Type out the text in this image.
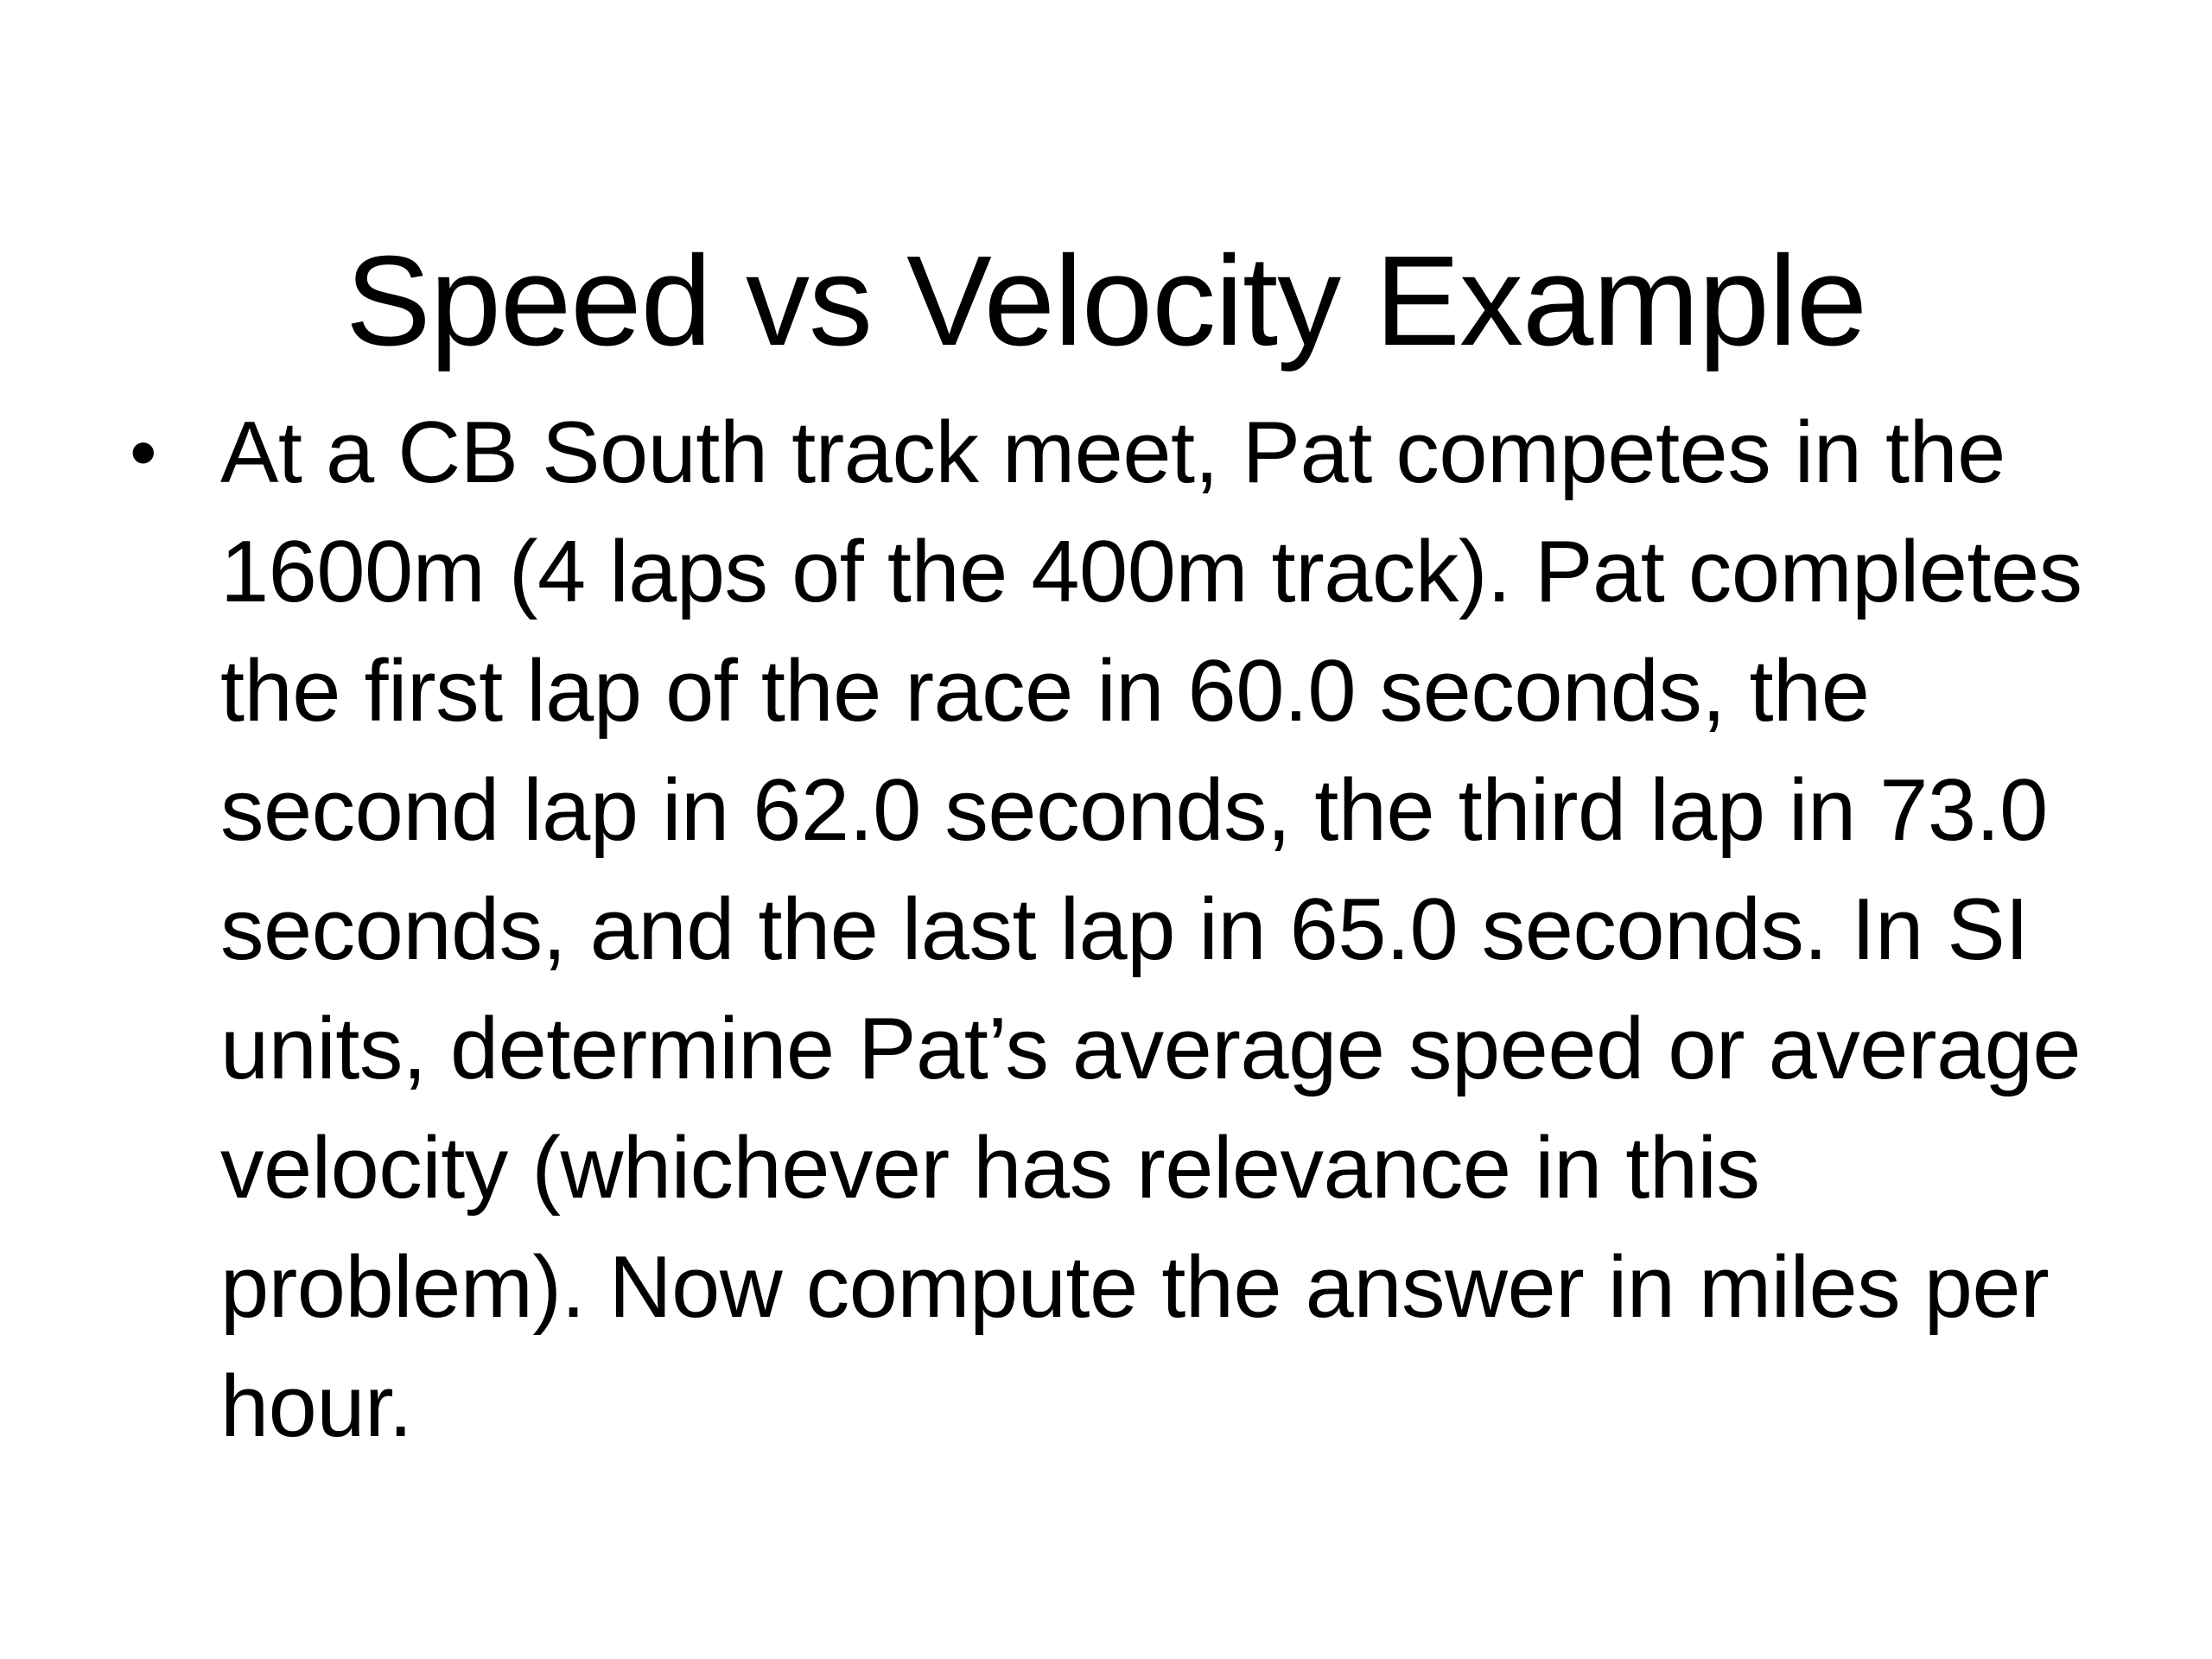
Speed vs Velocity Example
• At a CB South track meet, Pat competes in the 1600m (4 laps of the 400m track). Pat completes the first lap of the race in 60.0 seconds, the second lap in 62.0 seconds, the third lap in 73.0 seconds, and the last lap in 65.0 seconds. In SI units, determine Pat’s average speed or average velocity (whichever has relevance in this problem). Now compute the answer in miles per hour.
